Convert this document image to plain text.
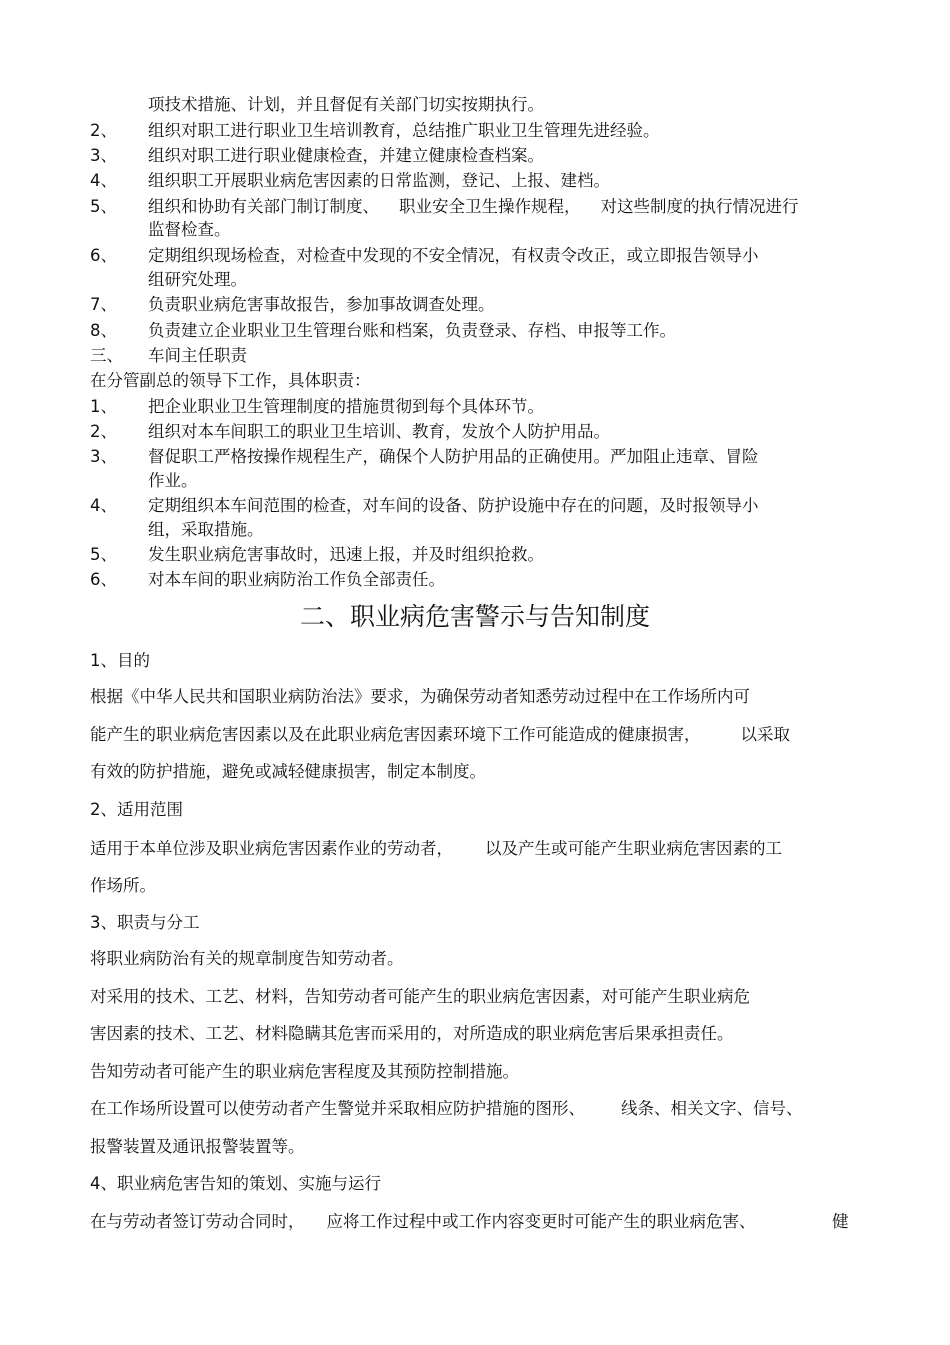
项技术措施、计划，并且督促有关部门切实按期执行。
2、 组织对职工进行职业卫生培训教育，总结推广职业卫生管理先进经验。
3、 组织对职工进行职业健康检查，并建立健康检查档案。
4、 组织职工开展职业病危害因素的日常监测，登记、上报、建档。
5、 组织和协助有关部门制订制度、 职业安全卫生操作规程， 对这些制度的执行情况进行
监督检查。
6、 定期组织现场检查，对检查中发现的不安全情况，有权责令改正，或立即报告领导小
组研究处理。
7、 负责职业病危害事故报告，参加事故调查处理。
8、 负责建立企业职业卫生管理台账和档案，负责登录、存档、申报等工作。
三、 车间主任职责
在分管副总的领导下工作，具体职责：
1、 把企业职业卫生管理制度的措施贯彻到每个具体环节。
2、 组织对本车间职工的职业卫生培训、教育，发放个人防护用品。
3、 督促职工严格按操作规程生产，确保个人防护用品的正确使用。严加阻止违章、冒险
作业。
4、 定期组织本车间范围的检查，对车间的设备、防护设施中存在的问题，及时报领导小
组，采取措施。
5、 发生职业病危害事故时，迅速上报，并及时组织抢救。
6、 对本车间的职业病防治工作负全部责任。
二、职业病危害警示与告知制度
1、目的
根据《中华人民共和国职业病防治法》要求，为确保劳动者知悉劳动过程中在工作场所内可
能产生的职业病危害因素以及在此职业病危害因素环境下工作可能造成的健康损害， 以采取
有效的防护措施，避免或减轻健康损害，制定本制度。
2、适用范围
适用于本单位涉及职业病危害因素作业的劳动者， 以及产生或可能产生职业病危害因素的工
作场所。
3、职责与分工
将职业病防治有关的规章制度告知劳动者。
对采用的技术、工艺、材料，告知劳动者可能产生的职业病危害因素，对可能产生职业病危
害因素的技术、工艺、材料隐瞒其危害而采用的，对所造成的职业病危害后果承担责任。
告知劳动者可能产生的职业病危害程度及其预防控制措施。
在工作场所设置可以使劳动者产生警觉并采取相应防护措施的图形、 线条、相关文字、信号、
报警装置及通讯报警装置等。
4、职业病危害告知的策划、实施与运行
在与劳动者签订劳动合同时， 应将工作过程中或工作内容变更时可能产生的职业病危害、	健
